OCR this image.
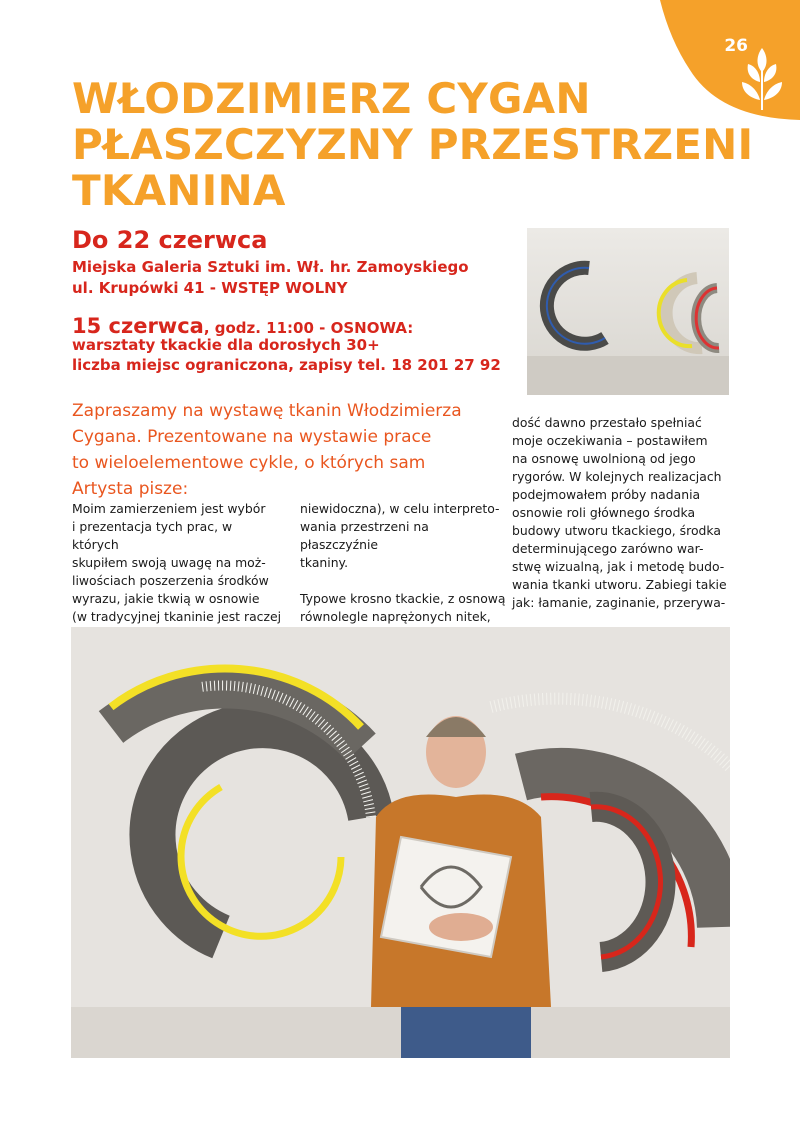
26
WŁODZIMIERZ CYGAN
PŁASZCZYZNY PRZESTRZENI
TKANINA
Do 22 czerwca
Miejska Galeria Sztuki im. Wł. hr. Zamoyskiego
ul. Krupówki 41 - WSTĘP WOLNY
15 czerwca, godz. 11:00 - OSNOWA:
warsztaty tkackie dla dorosłych 30+
liczba miejsc ograniczona, zapisy tel. 18 201 27 92
Zapraszamy na wystawę tkanin Włodzimierza
Cygana. Prezentowane na wystawie prace
to wieloelementowe cykle, o których sam
Artysta pisze:
Moim zamierzeniem jest wybór
i prezentacja tych prac, w których
skupiłem swoją uwagę na moż-
liwościach poszerzenia środków
wyrazu, jakie tkwią w osnowie
(w tradycyjnej tkaninie jest raczej

niewidoczna), w celu interpreto-
wania przestrzeni na płaszczyźnie
tkaniny.

Typowe krosno tkackie, z osnową
równolegle naprężonych nitek,

dość dawno przestało spełniać
moje oczekiwania – postawiłem
na osnowę uwolnioną od jego
rygorów. W kolejnych realizacjach
podejmowałem próby nadania
osnowie roli głównego środka
budowy utworu tkackiego, środka
determinującego zarówno war-
stwę wizualną, jak i metodę budo-
wania tkanki utworu. Zabiegi takie
jak: łamanie, zaginanie, przerywa-
